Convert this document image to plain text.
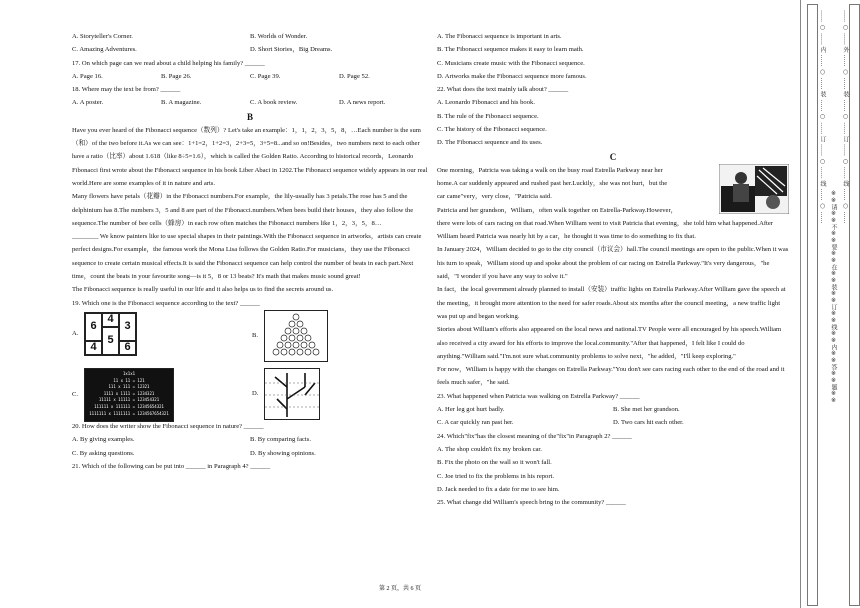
A. Storyteller's Corner.	B. Worlds of Wonder.
C. Amazing Adventures.	D. Short Stories，Big Dreams.
17. On which page can we read about a child helping his family? ______
A. Page 16.	B. Page 26.	C. Page 39.	D. Page 52.
18. Where may the text be from? ______
A. A poster.	B. A magazine.	C. A book review.	D. A news report.
B

Have you ever heard of the Fibonacci sequence（数列）? Let's take an example：1，1，2，3，5，8，…Each number is the sum（和）of the two before it.As we can see：1+1=2，1+2=3，2+3=5，3+5=8...and so on!Besides，two numbers next to each other have a ratio（比率）about 1.618（like 8÷5=1.6），which is called the Golden Ratio. According to historical records，Leonardo Fibonacci first wrote about the Fibonacci sequence in his book Liber Abaci in 1202.The Fibonacci sequence widely appears in our real world.Here are some examples of it in nature and arts.

Many flowers have petals（花瓣）in the Fibonacci numbers.For example，the lily-usually has 3 petals.The rose has 5 and the delphinium has 8.The numbers 3，5 and 8 are part of the Fibonacci.numbers.When bees build their houses，they also follow the sequence.The number of bee cells（蜂房）in each row often matches the Fibonacci numbers like 1，2，3，5，8…

________ We know painters like to use special shapes in their paintings.With the Fibonacci sequence in artworks，artists can create perfect designs.For example，the famous work the Mona Lisa follows the Golden Ratio.For musicians，they use the Fibonacci sequence to create certain musical effects.It is said the Fibonacci sequence can help control the number of beats in each part.Next time，count the beats in your favourite song—is it 5，8 or 13 beats? It's math that makes music sound great!

The Fibonacci sequence is really useful in our life and it also helps us to find the secrets around us.

19. Which one is the Fibonacci sequence according to the text? ______
A.
6
4
3
5
4	6
B.
C.
1x1x1
11 x 11 = 121
111 x 111 = 12321
1111 x 1111 = 1234321
11111 x 11111 = 123454321
111111 x 111111 = 12345654321
1111111 x 1111111 = 1234567654321
D.
20. How does the writer show the Fibonacci sequence in nature? ______
A. By giving examples.	B. By comparing facts.
C. By asking questions.	D. By showing opinions.
21. Which of the following can be put into ______ in Paragraph 4? ______
A. The Fibonacci sequence is important in arts.
B. The Fibonacci sequence makes it easy to learn math.
C. Musicians create music with the Fibonacci sequence.
D. Artworks make the Fibonacci sequence more famous.
22. What does the text mainly talk about? ______
A. Leonardo Fibonacci and his book.
B. The rule of the Fibonacci sequence.
C. The history of the Fibonacci sequence.
D. The Fibonacci sequence and its uses.
C
One morning，Patricia was taking a walk on the busy road Estrella Parkway near her
home.A car suddenly appeared and rushed past her.Luckily，she was not hurt，but the
car came"very，very close，"Patricia said.
Patricia and her grandson，William，often walk together on Estrella-Parkway.However，

there were lots of cars racing on that road.When William went to visit Patricia that evening，she told him what happened.After William heard Patricia was nearly hit by a car，he thought it was time to do something to fix that.

In January 2024，William decided to go to the city council（市议会）hall.The council meetings are open to the public.When it was his turn to speak，William stood up and spoke about the problem of car racing on Estrella Parkway."It's very dangerous，"he said，"I wonder if you have any way to solve it."

In fact，the local government already planned to install（安装）traffic lights on Estrella Parkway.After William gave the speech at the meeting，it brought more attention to the need for safer roads.About six months after the council meeting，a new traffic light was put up and began working.

Stories about William's efforts also appeared on the local news and national.TV People were all encouraged by his speech.William also received a city award for his efforts to improve the local.community."After that happened，I felt like I could do anything."William said."I'm.not sure what.community problems to solve next，"he added，"I'll keep exploring."

For now，William is happy with the changes on Estrella Parkway."You don't see cars racing each other to the end of the road and it feels much safer，"he said.

23. What happened when Patricia was walking on Estrella Parkway? ______
A. Her leg got hurt badly.	B. She met her grandson.
C. A car quickly ran past her.	D. Two cars hit each other.
24. Which"fix"has the closest meaning of the"fix"in Paragraph 2? ______
A. The shop couldn't fix my broken car.
B. Fix the photo on the wall so it won't fall.
C. Joe tried to fix the problems in his report.
D. Jack needed to fix a date for me to see him.
25. What change did William's speech bring to the community? ______
第 2 页，共 6 页
…… ○ …… 内 …… ○ …… 装 …… ○ …… 订 …… ○ …… 线 …… ○ ……
※※请※※不※※要※※在※※装※※订※※线※※内※※答※※题※※
…… ○ …… 外 …… ○ …… 装 …… ○ …… 订 …… ○ …… 线 …… ○ ……
